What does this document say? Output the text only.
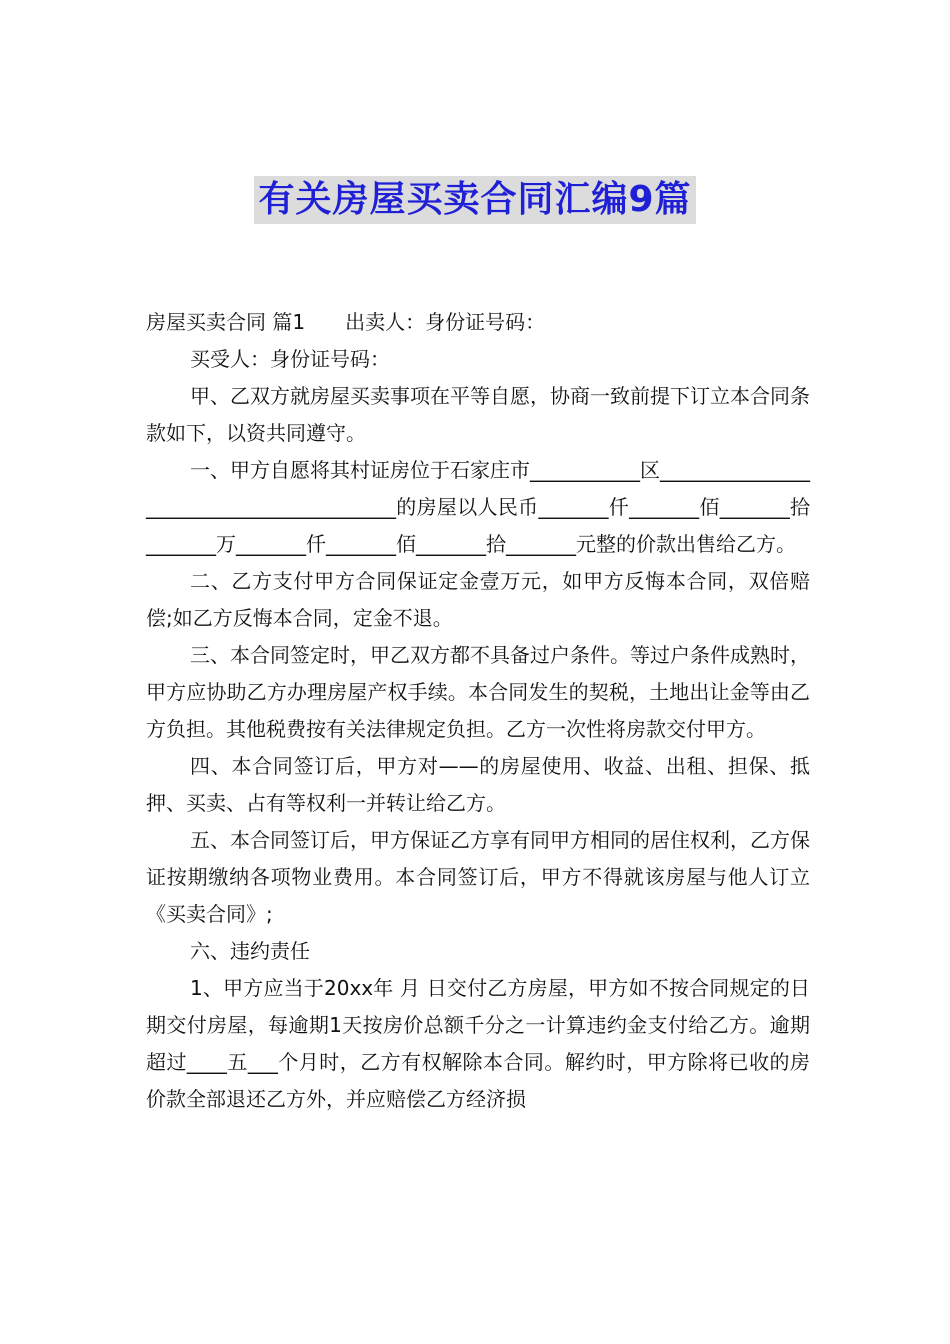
有关房屋买卖合同汇编9篇

房屋买卖合同 篇1　　出卖人：身份证号码：

买受人：身份证号码：

甲、乙双方就房屋买卖事项在平等自愿，协商一致前提下订立本合同条款如下，以资共同遵守。

一、甲方自愿将其村证房位于石家庄市___________区________________________________________的房屋以人民币_______仟_______佰_______拾_______万_______仟_______佰_______拾_______元整的价款出售给乙方。

二、乙方支付甲方合同保证定金壹万元，如甲方反悔本合同，双倍赔偿;如乙方反悔本合同，定金不退。

三、本合同签定时，甲乙双方都不具备过户条件。等过户条件成熟时，甲方应协助乙方办理房屋产权手续。本合同发生的契税，土地出让金等由乙方负担。其他税费按有关法律规定负担。乙方一次性将房款交付甲方。

四、本合同签订后，甲方对——的房屋使用、收益、出租、担保、抵押、买卖、占有等权利一并转让给乙方。

五、本合同签订后，甲方保证乙方享有同甲方相同的居住权利，乙方保证按期缴纳各项物业费用。本合同签订后，甲方不得就该房屋与他人订立《买卖合同》;

六、违约责任

1、甲方应当于20xx年 月 日交付乙方房屋，甲方如不按合同规定的日期交付房屋，每逾期1天按房价总额千分之一计算违约金支付给乙方。逾期超过____五___个月时，乙方有权解除本合同。解约时，甲方除将已收的房价款全部退还乙方外，并应赔偿乙方经济损
